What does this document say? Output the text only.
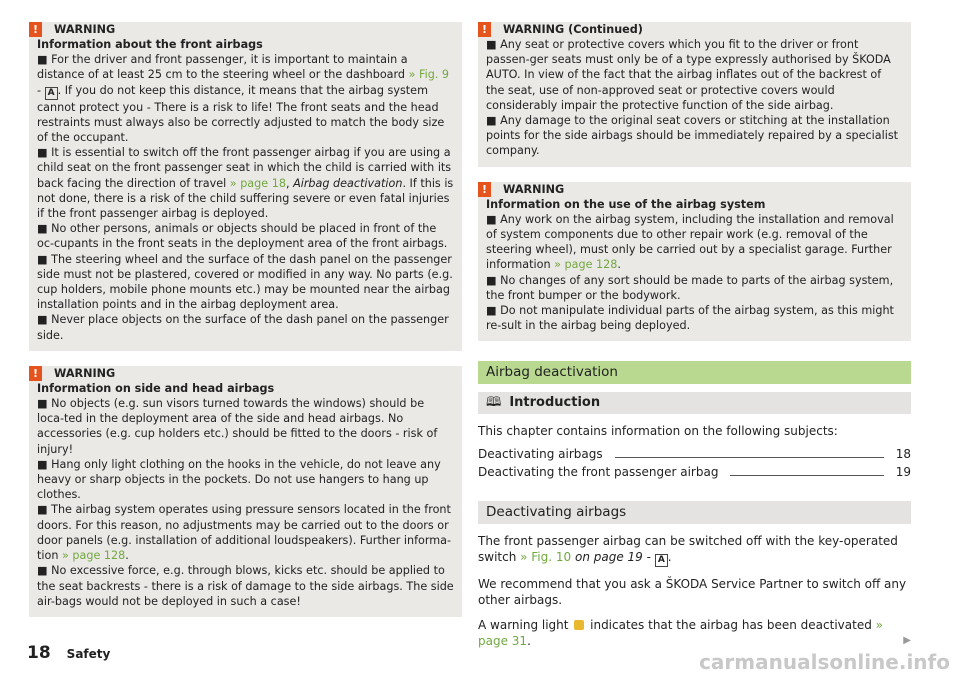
!	WARNING
Information about the front airbags
■ For the driver and front passenger, it is important to maintain a distance of at least 25 cm to the steering wheel or the dashboard » Fig. 9 - A . If you do not keep this distance, it means that the airbag system cannot protect you - There is a risk to life! The front seats and the head restraints must always also be correctly adjusted to match the body size of the occupant.
■ It is essential to switch off the front passenger airbag if you are using a child seat on the front passenger seat in which the child is carried with its back facing the direction of travel » page 18, Airbag deactivation. If this is not done, there is a risk of the child suffering severe or even fatal injuries if the front passenger airbag is deployed.
■ No other persons, animals or objects should be placed in front of the oc-cupants in the front seats in the deployment area of the front airbags.
■ The steering wheel and the surface of the dash panel on the passenger side must not be plastered, covered or modified in any way. No parts (e.g. cup holders, mobile phone mounts etc.) may be mounted near the airbag installation points and in the airbag deployment area.
■ Never place objects on the surface of the dash panel on the passenger side.
!	WARNING
Information on side and head airbags
■ No objects (e.g. sun visors turned towards the windows) should be loca-ted in the deployment area of the side and head airbags. No accessories (e.g. cup holders etc.) should be fitted to the doors - risk of injury!
■ Hang only light clothing on the hooks in the vehicle, do not leave any heavy or sharp objects in the pockets. Do not use hangers to hang up clothes.
■ The airbag system operates using pressure sensors located in the front doors. For this reason, no adjustments may be carried out to the doors or door panels (e.g. installation of additional loudspeakers). Further informa-tion » page 128.
■ No excessive force, e.g. through blows, kicks etc. should be applied to the seat backrests - there is a risk of damage to the side airbags. The side air-bags would not be deployed in such a case!
!	WARNING (Continued)
■ Any seat or protective covers which you fit to the driver or front passen-ger seats must only be of a type expressly authorised by ŠKODA AUTO. In view of the fact that the airbag inflates out of the backrest of the seat, use of non-approved seat or protective covers would considerably impair the protective function of the side airbag.
■ Any damage to the original seat covers or stitching at the installation points for the side airbags should be immediately repaired by a specialist company.
!	WARNING
Information on the use of the airbag system
■ Any work on the airbag system, including the installation and removal of system components due to other repair work (e.g. removal of the steering wheel), must only be carried out by a specialist garage. Further information » page 128.
■ No changes of any sort should be made to parts of the airbag system, the front bumper or the bodywork.
■ Do not manipulate individual parts of the airbag system, as this might re-sult in the airbag being deployed.
Airbag deactivation
🕮 Introduction

This chapter contains information on the following subjects:

Deactivating airbags	18
Deactivating the front passenger airbag	19
Deactivating airbags

The front passenger airbag can be switched off with the key-operated switch » Fig. 10 on page 19 - A .

We recommend that you ask a ŠKODA Service Partner to switch off any other airbags.

A warning light  indicates that the airbag has been deactivated » page 31.	▶

18 Safety	carmanualsonline.info
